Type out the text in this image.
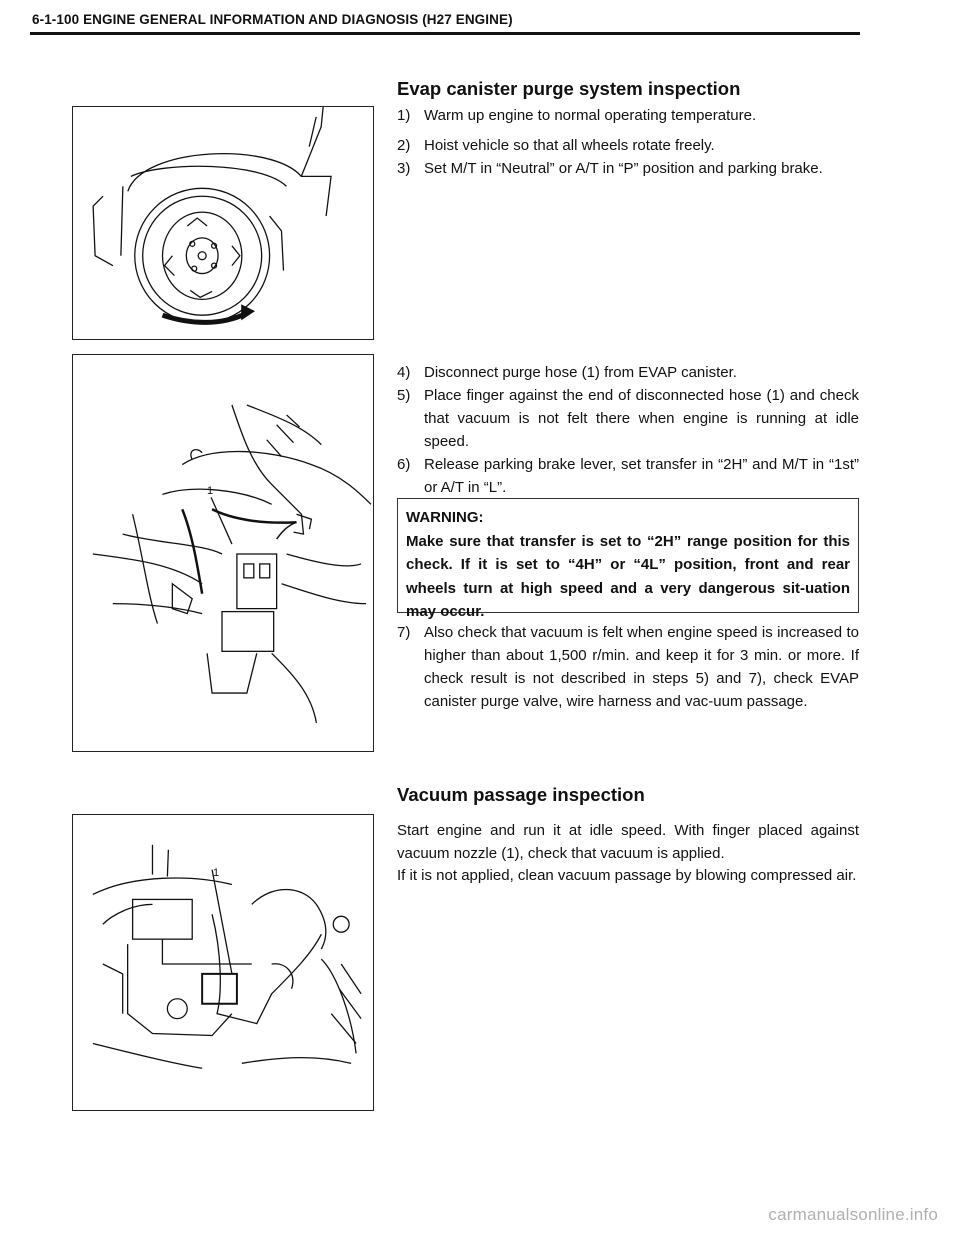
6-1-100 ENGINE GENERAL INFORMATION AND DIAGNOSIS (H27 ENGINE)
1
1
Evap canister purge system inspection
1) Warm up engine to normal operating temperature.
2) Hoist vehicle so that all wheels rotate freely.
3) Set M/T in “Neutral” or A/T in “P” position and parking brake.
4) Disconnect purge hose (1) from EVAP canister.
5) Place finger against the end of disconnected hose (1) and check that vacuum is not felt there when engine is running at idle speed.
6) Release parking brake lever, set transfer in “2H” and M/T in “1st” or A/T in “L”.
WARNING:
Make sure that transfer is set to “2H” range position for this check. If it is set to “4H” or “4L” position, front and rear wheels turn at high speed and a very dangerous sit-uation may occur.
7) Also check that vacuum is felt when engine speed is increased to higher than about 1,500 r/min. and keep it for 3 min. or more. If check result is not described in steps 5) and 7), check EVAP canister purge valve, wire harness and vac-uum passage.
Vacuum passage inspection
Start engine and run it at idle speed. With finger placed against vacuum nozzle (1), check that vacuum is applied.
If it is not applied, clean vacuum passage by blowing compressed air.
carmanualsonline.info
